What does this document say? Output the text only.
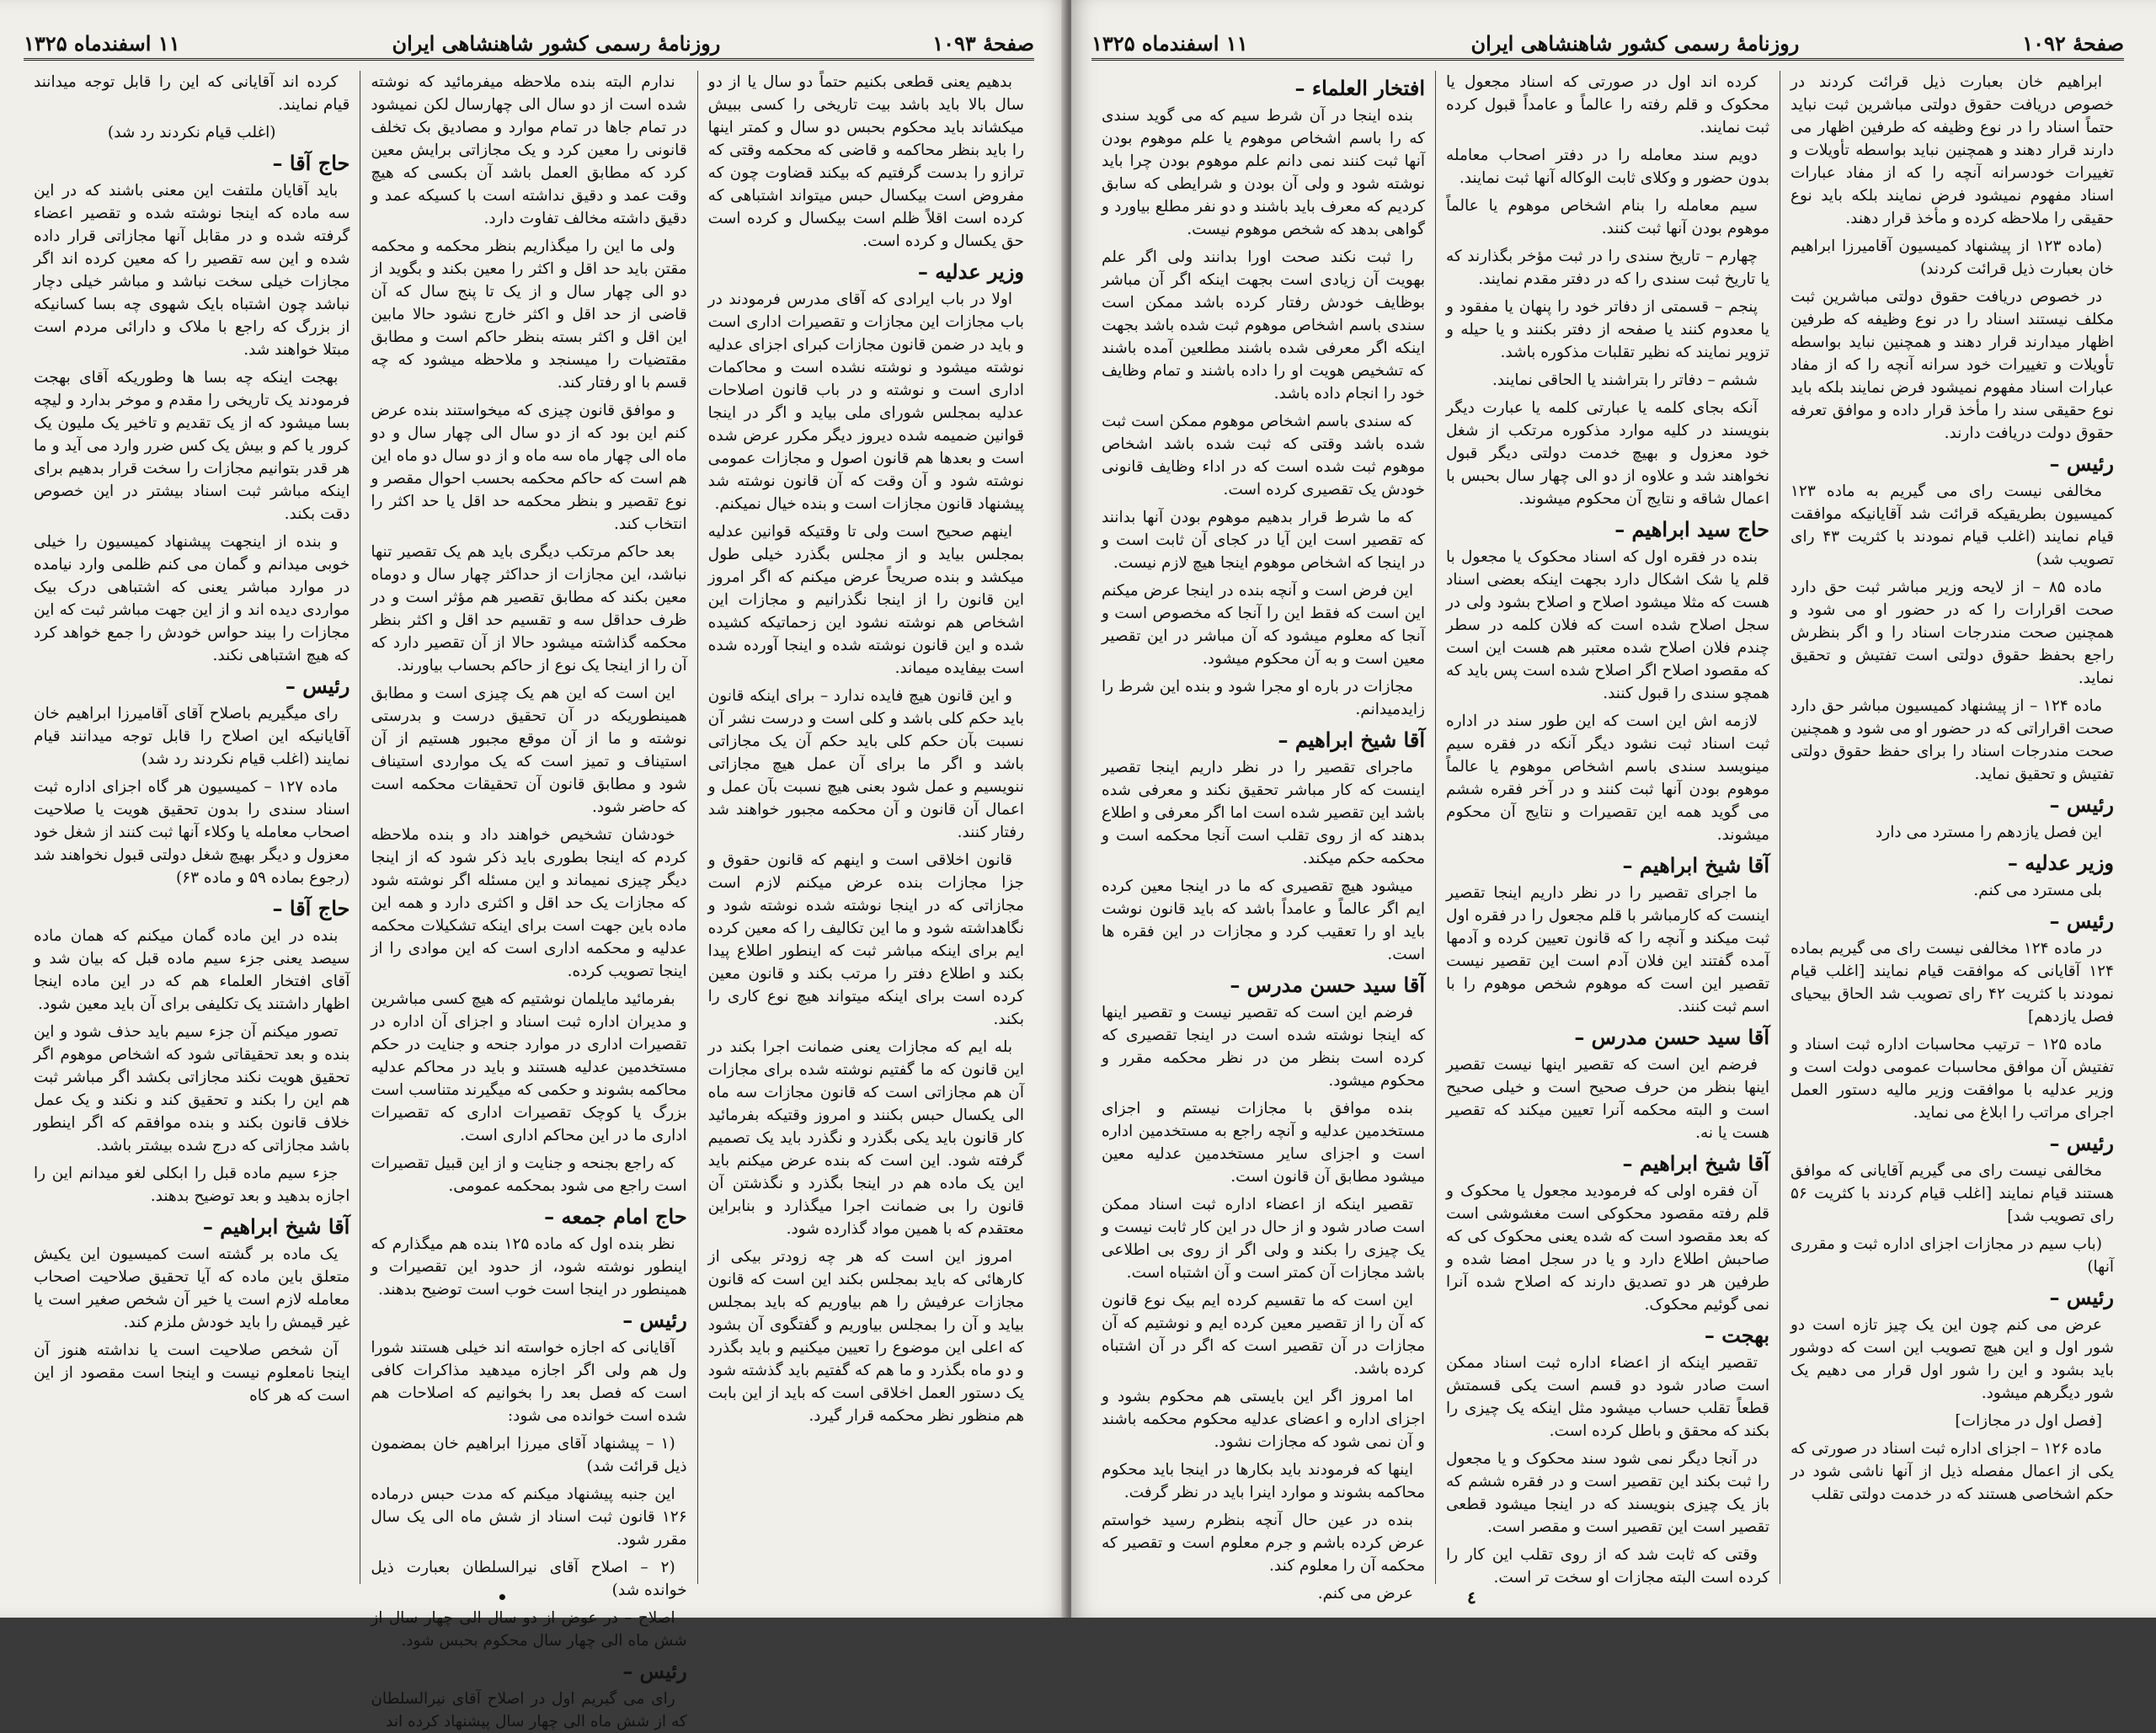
صفحهٔ ۱۰۹۳
روزنامهٔ رسمی کشور شاهنشاهی ایران
۱۱ اسفندماه ۱۳۲۵
بدهیم یعنی قطعی بکنیم حتماً دو سال یا از دو سال بالا باید باشد بیت تاریخی را کسی ببیش میکشاند باید محکوم بحبس دو سال و کمتر اینها را باید بنظر محاکمه و قاضی که محکمه وقتی که ترازو را بدست گرفتیم که بیکند قضاوت چون که مفروض است بیکسال حبس میتواند اشتباهی که کرده است اقلاً ظلم است بیکسال و کرده است حق یکسال و کرده است.
وزیر عدلیه –
اولا در باب ایرادی که آقای مدرس فرمودند در باب مجازات این مجازات و تقصیرات اداری است و باید در ضمن قانون مجازات کبرای اجزای عدلیه نوشته میشود و نوشته نشده است و محاکمات اداری است و نوشته و در باب قانون اصلاحات عدلیه بمجلس شورای ملی بیاید و اگر در اینجا قوانین ضمیمه شده دیروز دیگر مکرر عرض شده است و بعدها هم قانون اصول و مجازات عمومی نوشته شود و آن وقت که آن قانون نوشته شد پیشنهاد قانون مجازات است و بنده خیال نمیکنم.
اینهم صحیح است ولی تا وقتیکه قوانین عدلیه بمجلس بیاید و از مجلس بگذرد خیلی طول میکشد و بنده صریحاً عرض میکنم که اگر امروز این قانون را از اینجا نگذرانیم و مجازات این اشخاص هم نوشته نشود این زحماتیکه کشیده شده و این قانون نوشته شده و اینجا آورده شده است بیفایده میماند.
و این قانون هیچ فایده ندارد – برای اینکه قانون باید حکم کلی باشد و کلی است و درست نشر آن نسبت بآن حکم کلی باید حکم آن یک مجازاتی باشد و اگر ما برای آن عمل هیچ مجازاتی ننویسیم و عمل شود بعنی هیچ نسبت بآن عمل و اعمال آن قانون و آن محکمه مجبور خواهند شد رفتار کنند.
قانون اخلاقی است و اینهم که قانون حقوق و جزا مجازات بنده عرض میکنم لازم است مجازاتی که در اینجا نوشته شده نوشته شود و نگاهداشته شود و ما این تکالیف را که معین کرده ایم برای اینکه مباشر ثبت که اینطور اطلاع پیدا بکند و اطلاع دفتر را مرتب بکند و قانون معین کرده است برای اینکه میتواند هیچ نوع کاری را بکند.
بله ایم که مجازات یعنی ضمانت اجرا بکند در این قانون که ما گفتیم نوشته شده برای مجازات آن هم مجازاتی است که قانون مجازات سه ماه الی یکسال حبس بکنند و امروز وقتیکه بفرمائید کار قانون باید یکی بگذرد و نگذرد باید یک تصمیم گرفته شود. این است که بنده عرض میکنم باید این یک ماده هم در اینجا بگذرد و نگذشتن آن قانون را بی ضمانت اجرا میگذارد و بنابراین معتقدم که با همین مواد گذارده شود.
امروز این است که هر چه زودتر بیکی از کارهائی که باید بمجلس بکند این است که قانون مجازات عرفیش را هم بیاوریم که باید بمجلس بیاید و آن را بمجلس بیاوریم و گفتگوی آن بشود که اعلی این موضوع را تعیین میکنیم و باید بگذرد و دو ماه بگذرد و ما هم که گفتیم باید گذشته شود یک دستور العمل اخلاقی است که باید از این بابت هم منظور نظر محکمه قرار گیرد.
ندارم البته بنده ملاحظه میفرمائید که نوشته شده است از دو سال الی چهارسال لکن نمیشود در تمام جاها در تمام موارد و مصادیق بک تخلف قانونی را معین کرد و یک مجازاتی برایش معین کرد که مطابق العمل باشد آن بکسی که هیچ وقت عمد و دقیق نداشته است با کسیکه عمد و دقیق داشته مخالف تفاوت دارد.
ولی ما این را میگذاریم بنظر محکمه و محکمه مقتن باید حد اقل و اکثر را معین بکند و بگوید از دو الی چهار سال و از یک تا پنج سال که آن قاضی از حد اقل و اکثر خارج نشود حالا مابین این اقل و اکثر بسته بنظر حاکم است و مطابق مقتضیات را میسنجد و ملاحظه میشود که چه قسم با او رفتار کند.
و موافق قانون چیزی که میخواستند بنده عرض کنم این بود که از دو سال الی چهار سال و دو ماه الی چهار ماه سه ماه و از دو سال دو ماه این هم است که حاکم محکمه بحسب احوال مقصر و نوع تقصیر و بنظر محکمه حد اقل یا حد اکثر را انتخاب کند.
بعد حاکم مرتکب دیگری باید هم یک تقصیر تنها نباشد، این مجازات از حداکثر چهار سال و دوماه معین بکند که مطابق تقصیر هم مؤثر است و در ظرف حداقل سه و تقسیم حد اقل و اکثر بنظر محکمه گذاشته میشود حالا از آن تقصیر دارد که آن را از اینجا یک نوع از حاکم بحساب بیاورند.
این است که این هم یک چیزی است و مطابق همینطوریکه در آن تحقیق درست و بدرستی نوشته و ما از آن موقع مجبور هستیم از آن استیناف و تمیز است که یک مواردی استیناف شود و مطابق قانون آن تحقیقات محکمه است که حاضر شود.
خودشان تشخیص خواهند داد و بنده ملاحظه کردم که اینجا بطوری باید ذکر شود که از اینجا دیگر چیزی نمیماند و این مسئله اگر نوشته شود که مجازات یک حد اقل و اکثری دارد و همه این ماده باین جهت است برای اینکه تشکیلات محکمه عدلیه و محکمه اداری است که این موادی را از اینجا تصویب کرده.
بفرمائید مایلمان نوشتیم که هیچ کسی مباشرین و مدیران اداره ثبت اسناد و اجزای آن اداره در تقصیرات اداری در موارد جنحه و جنایت در حکم مستخدمین عدلیه هستند و باید در محاکم عدلیه محاکمه بشوند و حکمی که میگیرند متناسب است بزرگ یا کوچک تقصیرات اداری که تقصیرات اداری ما در این محاکم اداری است.
که راجع بجنحه و جنایت و از این قبیل تقصیرات است راجع می شود بمحکمه عمومی.
حاج امام جمعه –
نظر بنده اول که ماده ۱۲۵ بنده هم میگذارم که اینطور نوشته شود، از حدود این تقصیرات و همینطور در اینجا است خوب است توضیح بدهند.
رئیس –
آقایانی که اجازه خواسته اند خیلی هستند شورا ول هم ولی اگر اجازه میدهید مذاکرات کافی است که فصل بعد را بخوانیم که اصلاحات هم شده است خوانده می شود:
(۱ – پیشنهاد آقای میرزا ابراهیم خان بمضمون ذیل قرائت شد)
این جنبه پیشنهاد میکنم که مدت حبس درماده ۱۲۶ قانون ثبت اسناد از شش ماه الی یک سال مقرر شود.
(۲ – اصلاح آقای نیرالسلطان بعبارت ذیل خوانده شد)
اصلاح – در عوض از دو سال الی چهار سال از شش ماه الی چهار سال محکوم بحبس شود.
رئیس –
رای می گیریم اول در اصلاح آقای نیرالسلطان که از شش ماه الی چهار سال پیشنهاد کرده اند
کرده اند آقایانی که این را قابل توجه میدانند قیام نمایند.
(اغلب قیام نکردند رد شد)
حاج آقا –
باید آقایان ملتفت این معنی باشند که در این سه ماده که اینجا نوشته شده و تقصیر اعضاء گرفته شده و در مقابل آنها مجازاتی قرار داده شده و این سه تقصیر را که معین کرده اند اگر مجازات خیلی سخت نباشد و مباشر خیلی دچار نباشد چون اشتباه بایک شهوی چه بسا کسانیکه از بزرگ که راجع با ملاک و دارائی مردم است مبتلا خواهند شد.
بهجت اینکه چه بسا ها وطوریکه آقای بهجت فرمودند یک تاریخی را مقدم و موخر بدارد و لیچه بسا میشود که از یک تقدیم و تاخیر یک ملیون یک کرور یا کم و بیش یک کس ضرر وارد می آید و ما هر قدر بتوانیم مجازات را سخت قرار بدهیم برای اینکه مباشر ثبت اسناد بیشتر در این خصوص دقت بکند.
و بنده از اینجهت پیشنهاد کمیسیون را خیلی خوبی میدانم و گمان می کنم ظلمی وارد نیامده در موارد مباشر یعنی که اشتباهی درک بیک مواردی دیده اند و از این جهت مباشر ثبت که این مجازات را بیند حواس خودش را جمع خواهد کرد که هیچ اشتباهی نکند.
رئیس –
رای میگیریم باصلاح آقای آقامیرزا ابراهیم خان آقایانیکه این اصلاح را قابل توجه میدانند قیام نمایند (اغلب قیام نکردند رد شد)
ماده ۱۲۷ – کمیسیون هر گاه اجزای اداره ثبت اسناد سندی را بدون تحقیق هویت یا صلاحیت اصحاب معامله یا وکلاء آنها ثبت کنند از شغل خود معزول و دیگر بهیچ شغل دولتی قبول نخواهند شد (رجوع بماده ۵۹ و ماده ۶۳)
حاج آقا –
بنده در این ماده گمان میکنم که همان ماده سیصد یعنی جزء سیم ماده قبل که بیان شد و آقای افتخار العلماء هم که در این ماده اینجا اظهار داشتند یک تکلیفی برای آن باید معین شود.
تصور میکنم آن جزء سیم باید حذف شود و این بنده و بعد تحقیقاتی شود که اشخاص موهوم اگر تحقیق هویت نکند مجازاتی بکشد اگر مباشر ثبت هم این را بکند و تحقیق کند و نکند و یک عمل خلاف قانون بکند و بنده موافقم که اگر اینطور باشد مجازاتی که درج شده بیشتر باشد.
جزء سیم ماده قبل را ابکلی لغو میدانم این را اجازه بدهید و بعد توضیح بدهند.
آقا شیخ ابراهیم –
یک ماده بر گشته است کمیسیون این یکیش متعلق باین ماده که آیا تحقیق صلاحیت اصحاب معامله لازم است یا خیر آن شخص صغیر است یا غیر قیمش را باید خودش ملزم کند.
آن شخص صلاحیت است یا نداشته هنوز آن اینجا نامعلوم نیست و اینجا است مقصود از این است که هر کاه
•
صفحهٔ ۱۰۹۲
روزنامهٔ رسمی کشور شاهنشاهی ایران
۱۱ اسفندماه ۱۳۲۵
ابراهیم خان بعبارت ذیل قرائت کردند در خصوص دریافت حقوق دولتی مباشرین ثبت نباید حتماً اسناد را در نوع وظیفه که طرفین اظهار می دارند قرار دهند و همچنین نباید بواسطه تأویلات و تغییرات خودسرانه آنچه را که از مفاد عبارات اسناد مفهوم نمیشود فرض نمایند بلکه باید نوع حقیقی را ملاحظه کرده و مأخذ قرار دهند.
(ماده ۱۲۳ از پیشنهاد کمیسیون آقامیرزا ابراهیم خان بعبارت ذیل قرائت کردند)
در خصوص دریافت حقوق دولتی مباشرین ثبت مکلف نیستند اسناد را در نوع وظیفه که طرفین اظهار میدارند قرار دهند و همچنین نباید بواسطه تأویلات و تغییرات خود سرانه آنچه را که از مفاد عبارات اسناد مفهوم نمیشود فرض نمایند بلکه باید نوع حقیقی سند را مأخذ قرار داده و موافق تعرفه حقوق دولت دریافت دارند.
رئیس –
مخالفی نیست رای می گیریم به ماده ۱۲۳ کمیسیون بطریقیکه قرائت شد آقایانیکه موافقت قیام نمایند (اغلب قیام نمودند با کثریت ۴۳ رای تصویب شد)
ماده ۸۵ – از لایحه وزیر مباشر ثبت حق دارد صحت اقرارات را که در حضور او می شود و همچنین صحت مندرجات اسناد را و اگر بنظرش راجع بحفظ حقوق دولتی است تفتیش و تحقیق نماید.
ماده ۱۲۴ – از پیشنهاد کمیسیون مباشر حق دارد صحت اقراراتی که در حضور او می شود و همچنین صحت مندرجات اسناد را برای حفظ حقوق دولتی تفتیش و تحقیق نماید.
رئیس –
این فصل یازدهم را مسترد می دارد
وزیر عدلیه –
بلی مسترد می کنم.
رئیس –
در ماده ۱۲۴ مخالفی نیست رای می گیریم بماده ۱۲۴ آقایانی که موافقت قیام نمایند [اغلب قیام نمودند با کثریت ۴۲ رای تصویب شد الحاق بیحیای فصل یازدهم]
ماده ۱۲۵ – ترتیب محاسبات اداره ثبت اسناد و تفتیش آن موافق محاسبات عمومی دولت است و وزیر عدلیه با موافقت وزیر مالیه دستور العمل اجرای مراتب را ابلاغ می نماید.
رئیس –
مخالفی نیست رای می گیریم آقایانی که موافق هستند قیام نمایند [اغلب قیام کردند با کثریت ۵۶ رای تصویب شد]
(باب سیم در مجازات اجزای اداره ثبت و مقرری آنها)
رئیس –
عرض می کنم چون این یک چیز تازه است دو شور اول و این هیچ تصویب این است که دوشور باید بشود و این را شور اول قرار می دهیم یک شور دیگرهم میشود.
[فصل اول در مجازات]
ماده ۱۲۶ – اجزای اداره ثبت اسناد در صورتی که یکی از اعمال مفصله ذیل از آنها ناشی شود در حکم اشخاصی هستند که در خدمت دولتی تقلب
کرده اند اول در صورتی که اسناد مجعول یا محکوک و قلم رفته را عالماً و عامداً قبول کرده ثبت نمایند.
دویم سند معامله را در دفتر اصحاب معامله بدون حضور و وکلای ثابت الوکاله آنها ثبت نمایند.
سیم معامله را بنام اشخاص موهوم یا عالماً موهوم بودن آنها ثبت کنند.
چهارم – تاریخ سندی را در ثبت مؤخر بگذارند که یا تاریخ ثبت سندی را که در دفتر مقدم نمایند.
پنجم – قسمتی از دفاتر خود را پنهان یا مفقود و یا معدوم کنند یا صفحه از دفتر بکنند و یا حیله و تزویر نمایند که نظیر تقلبات مذکوره باشد.
ششم – دفاتر را بتراشند یا الحاقی نمایند.
آنکه بجای کلمه یا عبارتی کلمه یا عبارت دیگر بنویسند در کلیه موارد مذکوره مرتکب از شغل خود معزول و بهیچ خدمت دولتی دیگر قبول نخواهند شد و علاوه از دو الی چهار سال بحبس با اعمال شاقه و نتایج آن محکوم میشوند.
حاج سید ابراهیم –
بنده در فقره اول که اسناد محکوک یا مجعول با قلم یا شک اشکال دارد بجهت اینکه بعضی اسناد هست که مثلا میشود اصلاح و اصلاح بشود ولی در سجل اصلاح شده است که فلان کلمه در سطر چندم فلان اصلاح شده معتبر هم هست این است که مقصود اصلاح اگر اصلاح شده است پس باید که همچو سندی را قبول کنند.
لازمه اش این است که این طور سند در اداره ثبت اسناد ثبت نشود دیگر آنکه در فقره سیم مینویسد سندی باسم اشخاص موهوم یا عالماً موهوم بودن آنها ثبت کنند و در آخر فقره ششم می گوید همه این تقصیرات و نتایج آن محکوم میشوند.
آقا شیخ ابراهیم –
ما اجرای تقصیر را در نظر داریم اینجا تقصیر اینست که کارمباشر با قلم مجعول را در فقره اول ثبت میکند و آنچه را که قانون تعیین کرده و آدمها آمده گفتند این فلان آدم است این تقصیر نیست تقصیر این است که موهوم شخص موهوم را با اسم ثبت کنند.
آقا سید حسن مدرس –
فرضم این است که تقصیر اینها نیست تقصیر اینها بنظر من حرف صحیح است و خیلی صحیح است و البته محکمه آنرا تعیین میکند که تقصیر هست یا نه.
آقا شیخ ابراهیم –
آن فقره اولی که فرمودید مجعول یا محکوک و قلم رفته مقصود محکوکی است مغشوشی است که بعد مقصود است که شده یعنی محکوک کی که صاحبش اطلاع دارد و یا در سجل امضا شده و طرفین هر دو تصدیق دارند که اصلاح شده آنرا نمی گوئیم محکوک.
بهجت –
تقصیر اینکه از اعضاء اداره ثبت اسناد ممکن است صادر شود دو قسم است یکی قسمتش قطعاً تقلب حساب میشود مثل اینکه یک چیزی را بکند که محقق و باطل کرده است.
در آنجا دیگر نمی شود سند محکوک و یا مجعول را ثبت بکند این تقصیر است و در فقره ششم که باز یک چیزی بنویسند که در اینجا میشود قطعی تقصیر است این تقصیر است و مقصر است.
وقتی که ثابت شد که از روی تقلب این کار را کرده است البته مجازات او سخت تر است.
افتخار العلماء –
بنده اینجا در آن شرط سیم که می گوید سندی که را باسم اشخاص موهوم یا علم موهوم بودن آنها ثبت کنند نمی دانم علم موهوم بودن چرا باید نوشته شود و ولی آن بودن و شرایطی که سابق کردیم که معرف باید باشند و دو نفر مطلع بیاورد و گواهی بدهد که شخص موهوم نیست.
را ثبت نکند صحت اورا بدانند ولی اگر علم بهویت آن زیادی است بجهت اینکه اگر آن مباشر بوظایف خودش رفتار کرده باشد ممکن است سندی باسم اشخاص موهوم ثبت شده باشد بجهت اینکه اگر معرفی شده باشند مطلعین آمده باشند که تشخیص هویت او را داده باشند و تمام وظایف خود را انجام داده باشد.
که سندی باسم اشخاص موهوم ممکن است ثبت شده باشد وقتی که ثبت شده باشد اشخاص موهوم ثبت شده است که در اداء وظایف قانونی خودش یک تقصیری کرده است.
که ما شرط قرار بدهیم موهوم بودن آنها بدانند که تقصیر است این آیا در کجای آن ثابت است و در اینجا که اشخاص موهوم اینجا هیچ لازم نیست.
این فرض است و آنچه بنده در اینجا عرض میکنم این است که فقط این را آنجا که مخصوص است و آنجا که معلوم میشود که آن مباشر در این تقصیر معین است و به آن محکوم میشود.
مجازات در باره او مجرا شود و بنده این شرط را زایدمیدانم.
آقا شیخ ابراهیم –
ماجرای تقصیر را در نظر داریم اینجا تقصیر اینست که کار مباشر تحقیق نکند و معرفی شده باشد این تقصیر شده است اما اگر معرفی و اطلاع بدهند که از روی تقلب است آنجا محکمه است و محکمه حکم میکند.
میشود هیچ تقصیری که ما در اینجا معین کرده ایم اگر عالماً و عامداً باشد که باید قانون نوشت باید او را تعقیب کرد و مجازات در این فقره ها است.
آقا سید حسن مدرس –
فرضم این است که تقصیر نیست و تقصیر اینها که اینجا نوشته شده است در اینجا تقصیری که کرده است بنظر من در نظر محکمه مقرر و محکوم میشود.
بنده موافق با مجازات نیستم و اجزای مستخدمین عدلیه و آنچه راجع به مستخدمین اداره است و اجزای سایر مستخدمین عدلیه معین میشود مطابق آن قانون است.
تقصیر اینکه از اعضاء اداره ثبت اسناد ممکن است صادر شود و از حال در این کار ثابت نیست و یک چیزی را بکند و ولی اگر از روی بی اطلاعی باشد مجازات آن کمتر است و آن اشتباه است.
این است که ما تقسیم کرده ایم بیک نوع قانون که آن را از تقصیر معین کرده ایم و نوشتیم که آن مجازات در آن تقصیر است که اگر در آن اشتباه کرده باشد.
اما امروز اگر این بایستی هم محکوم بشود و اجزای اداره و اعضای عدلیه محکوم محکمه باشند و آن نمی شود که مجازات نشود.
اینها که فرمودند باید بکارها در اینجا باید محکوم محاکمه بشوند و موارد اینرا باید در نظر گرفت.
بنده در عین حال آنچه بنظرم رسید خواستم عرض کرده باشم و جرم معلوم است و تقصیر که محکمه آن را معلوم کند.
عرض می کنم.	٤
